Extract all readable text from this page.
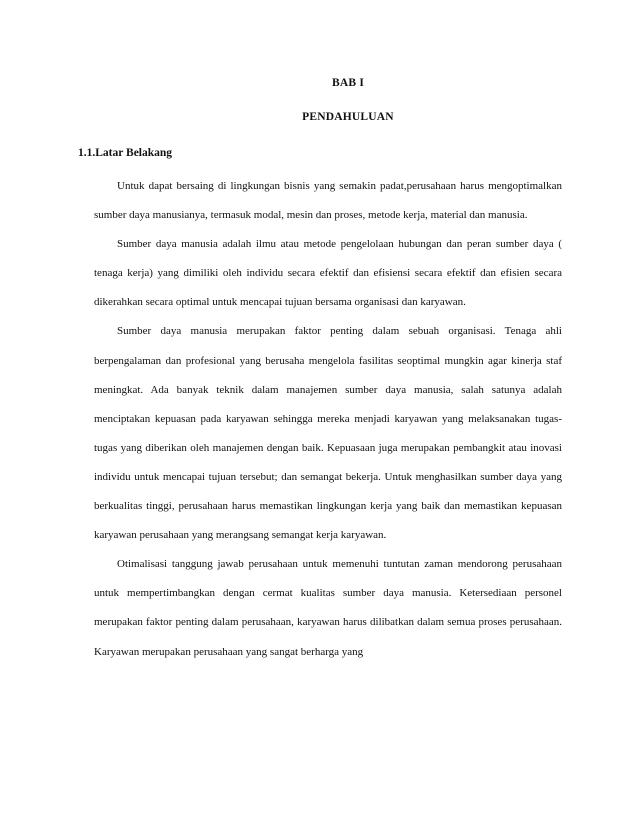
BAB I
PENDAHULUAN
1.1.Latar Belakang

Untuk dapat bersaing di lingkungan bisnis yang semakin padat,perusahaan harus mengoptimalkan sumber daya manusianya, termasuk modal, mesin dan proses, metode kerja, material dan manusia.

Sumber daya manusia adalah ilmu atau metode pengelolaan hubungan dan peran sumber daya ( tenaga kerja) yang dimiliki oleh individu secara efektif dan efisiensi secara efektif dan efisien secara dikerahkan secara optimal untuk mencapai tujuan bersama organisasi dan karyawan.

Sumber daya manusia merupakan faktor penting dalam sebuah organisasi. Tenaga ahli berpengalaman dan profesional yang berusaha mengelola fasilitas seoptimal mungkin agar kinerja staf meningkat. Ada banyak teknik dalam manajemen sumber daya manusia, salah satunya adalah menciptakan kepuasan pada karyawan sehingga mereka menjadi karyawan yang melaksanakan tugas-tugas yang diberikan oleh manajemen dengan baik. Kepuasaan juga merupakan pembangkit atau inovasi individu untuk mencapai tujuan tersebut; dan semangat bekerja. Untuk menghasilkan sumber daya yang berkualitas tinggi, perusahaan harus memastikan lingkungan kerja yang baik dan memastikan kepuasan karyawan perusahaan yang merangsang semangat kerja karyawan.

Otimalisasi tanggung jawab perusahaan untuk memenuhi tuntutan zaman mendorong perusahaan untuk mempertimbangkan dengan cermat kualitas sumber daya manusia. Ketersediaan personel merupakan faktor penting dalam perusahaan, karyawan harus dilibatkan dalam semua proses perusahaan. Karyawan merupakan perusahaan yang sangat berharga yang
